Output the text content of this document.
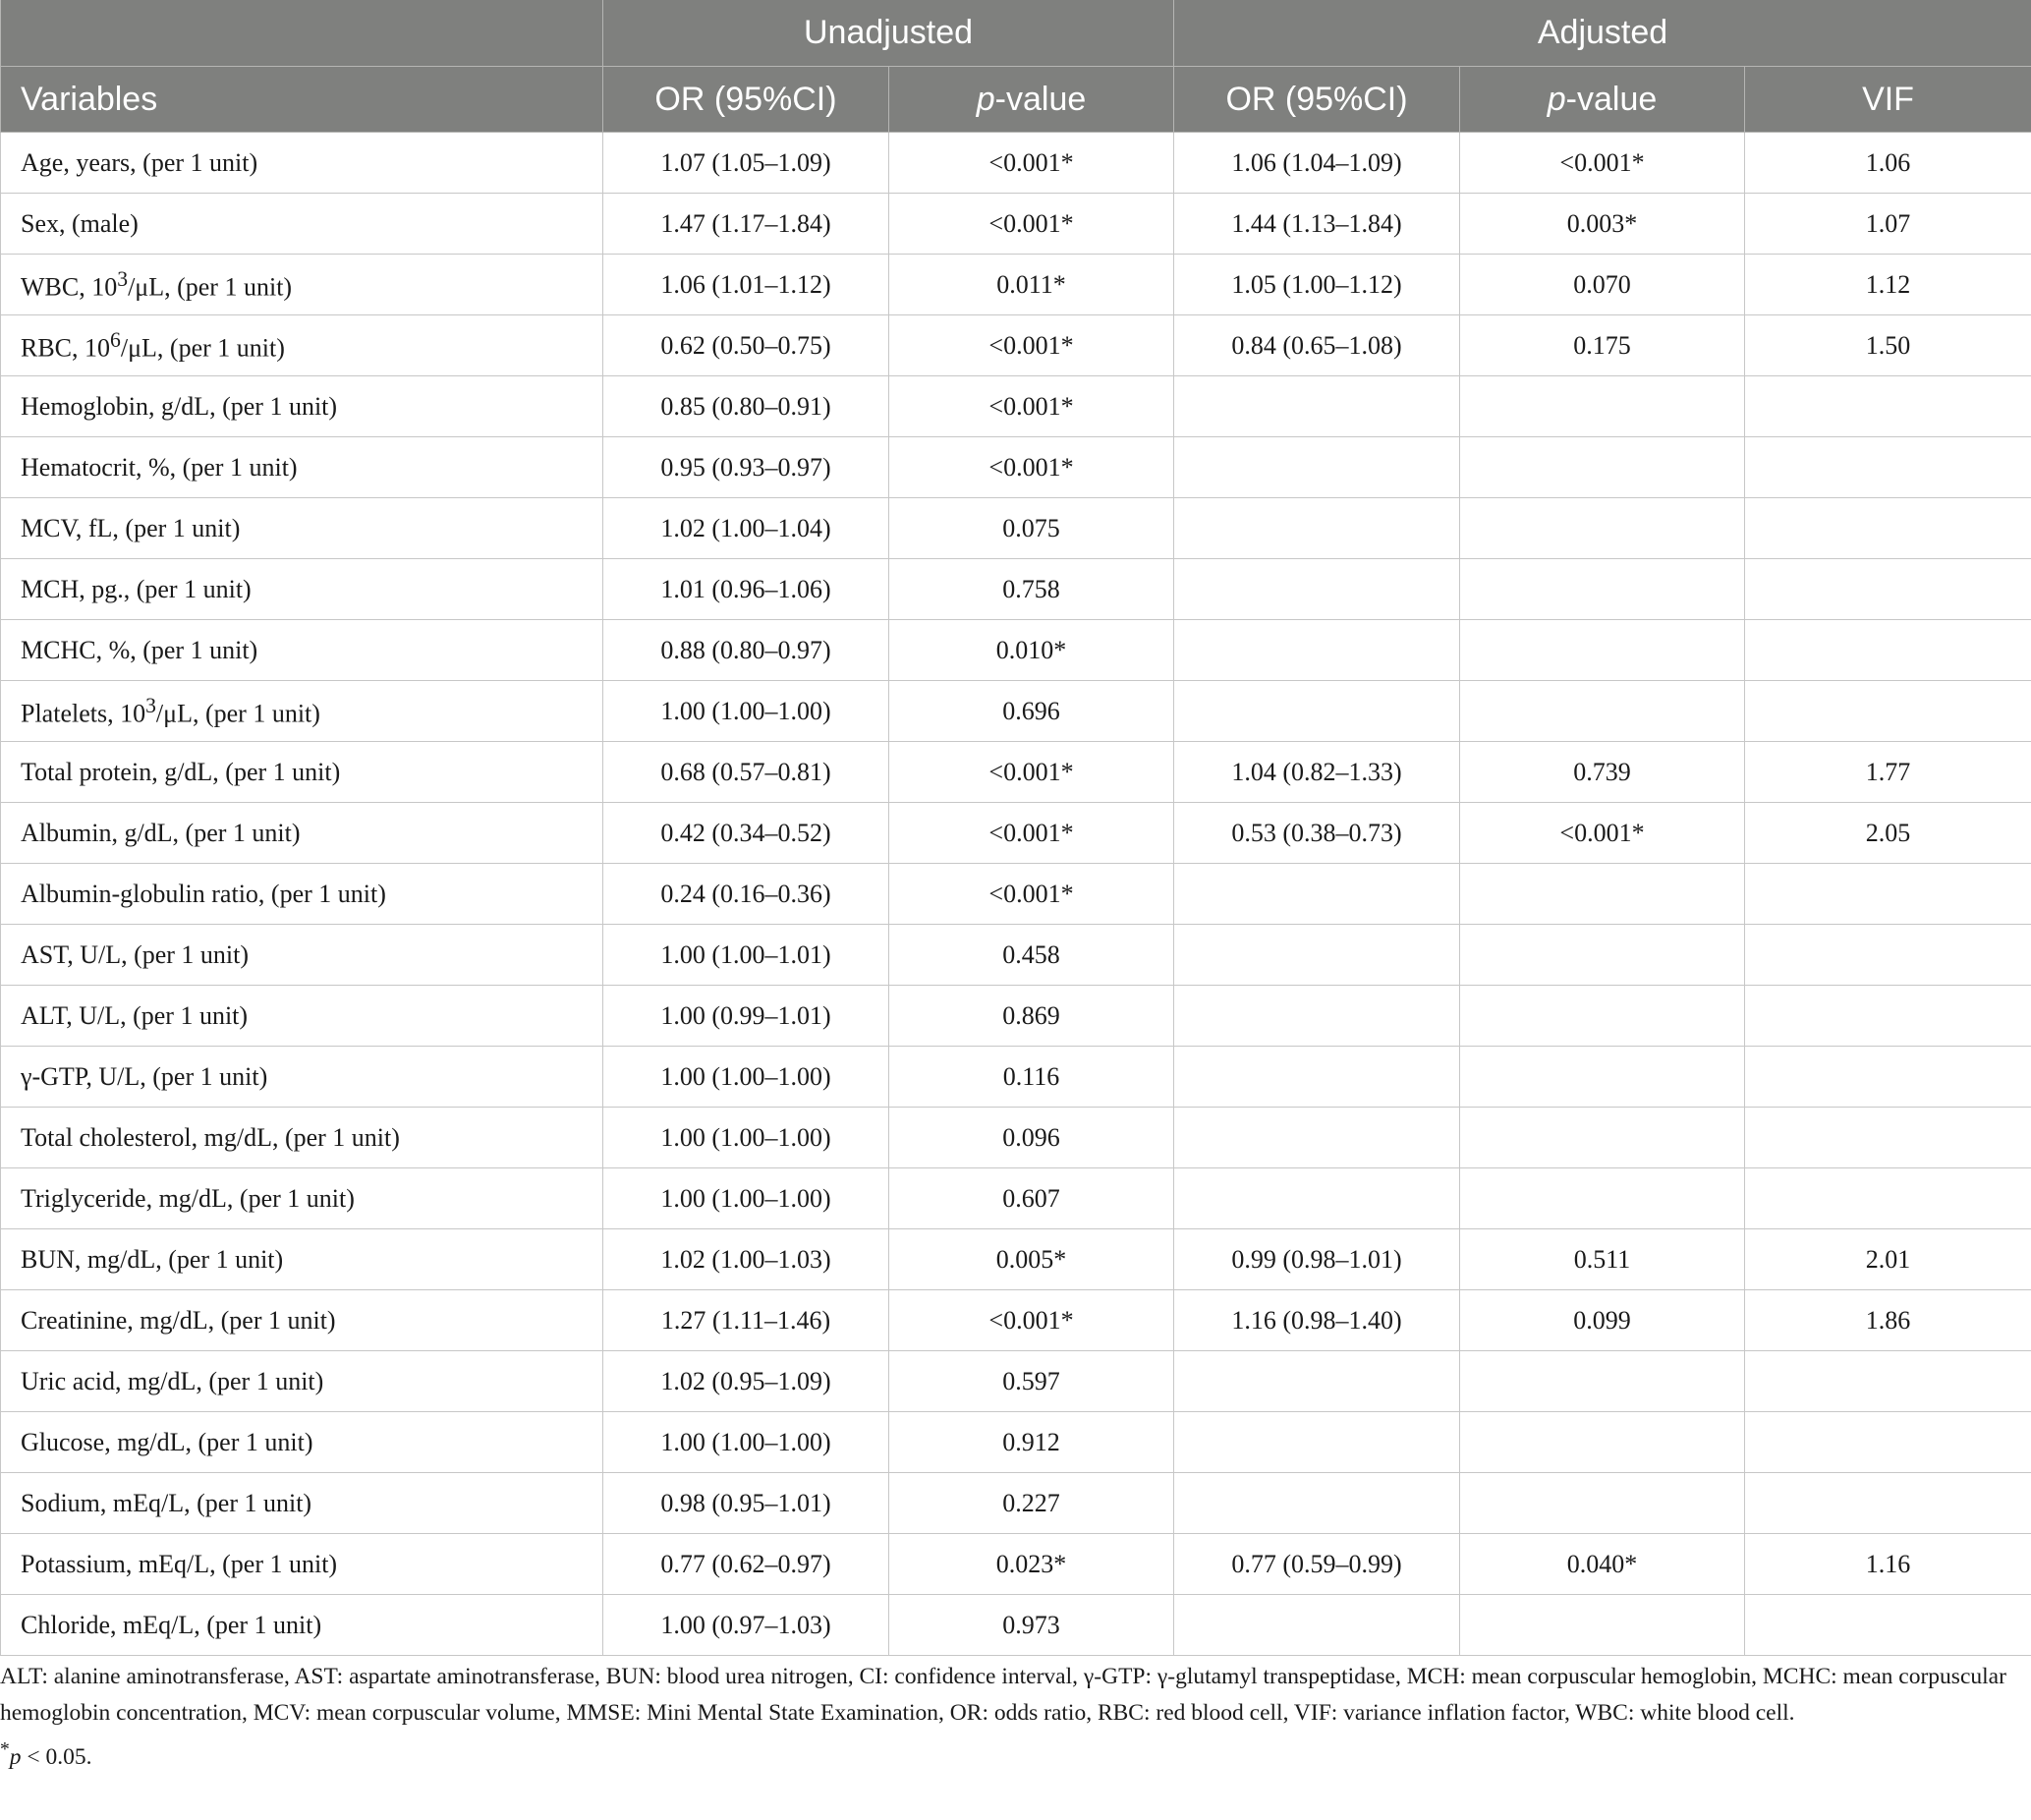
	Unadjusted		Adjusted		
Variables	OR (95%CI)	p-value	OR (95%CI)	p-value	VIF
Age, years, (per 1 unit)	1.07 (1.05–1.09)	<0.001*	1.06 (1.04–1.09)	<0.001*	1.06
Sex, (male)	1.47 (1.17–1.84)	<0.001*	1.44 (1.13–1.84)	0.003*	1.07
WBC, $10^3/\mu L$, (per 1 unit)	1.06 (1.01–1.12)	0.011*	1.05 (1.00–1.12)	0.070	1.12
RBC, $10^6/\mu L$, (per 1 unit)	0.62 (0.50–0.75)	<0.001*	0.84 (0.65–1.08)	0.175	1.50
Hemoglobin, g/dL, (per 1 unit)	0.85 (0.80–0.91)	<0.001*			
Hematocrit, %, (per 1 unit)	0.95 (0.93–0.97)	<0.001*			
MCV, fL, (per 1 unit)	1.02 (1.00–1.04)	0.075			
MCH, pg., (per 1 unit)	1.01 (0.96–1.06)	0.758			
MCHC, %, (per 1 unit)	0.88 (0.80–0.97)	0.010*			
Platelets, $10^3/\mu L$, (per 1 unit)	1.00 (1.00–1.00)	0.696			
Total protein, g/dL, (per 1 unit)	0.68 (0.57–0.81)	<0.001*	1.04 (0.82–1.33)	0.739	1.77
Albumin, g/dL, (per 1 unit)	0.42 (0.34–0.52)	<0.001*	0.53 (0.38–0.73)	<0.001*	2.05
Albumin-globulin ratio, (per 1 unit)	0.24 (0.16–0.36)	<0.001*			
AST, U/L, (per 1 unit)	1.00 (1.00–1.01)	0.458			
ALT, U/L, (per 1 unit)	1.00 (0.99–1.01)	0.869			
γ-GTP, U/L, (per 1 unit)	1.00 (1.00–1.00)	0.116			
Total cholesterol, mg/dL, (per 1 unit)	1.00 (1.00–1.00)	0.096			
Triglyceride, mg/dL, (per 1 unit)	1.00 (1.00–1.00)	0.607			
BUN, mg/dL, (per 1 unit)	1.02 (1.00–1.03)	0.005*	0.99 (0.98–1.01)	0.511	2.01
Creatinine, mg/dL, (per 1 unit)	1.27 (1.11–1.46)	<0.001*	1.16 (0.98–1.40)	0.099	1.86
Uric acid, mg/dL, (per 1 unit)	1.02 (0.95–1.09)	0.597			
Glucose, mg/dL, (per 1 unit)	1.00 (1.00–1.00)	0.912			
Sodium, mEq/L, (per 1 unit)	0.98 (0.95–1.01)	0.227			
Potassium, mEq/L, (per 1 unit)	0.77 (0.62–0.97)	0.023*	0.77 (0.59–0.99)	0.040*	1.16
Chloride, mEq/L, (per 1 unit)	1.00 (0.97–1.03)	0.973			

ALT: alanine aminotransferase, AST: aspartate aminotransferase, BUN: blood urea nitrogen, CI: confidence interval, γ-GTP: γ-glutamyl transpeptidase, MCH: mean corpuscular hemoglobin, MCHC: mean corpuscular hemoglobin concentration, MCV: mean corpuscular volume, MMSE: Mini Mental State Examination, OR: odds ratio, RBC: red blood cell, VIF: variance inflation factor, WBC: white blood cell.

*p < 0.05.
